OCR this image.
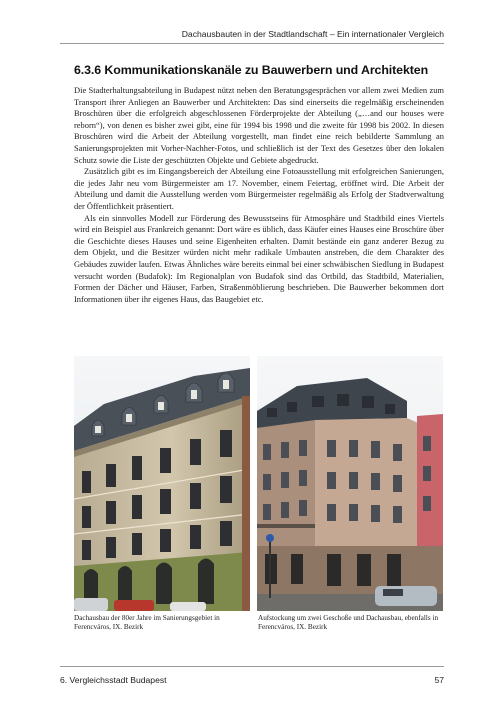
Dachausbauten in der Stadtlandschaft – Ein internationaler Vergleich
6.3.6 Kommunikationskanäle zu Bauwerbern und Architekten

Die Stadterhaltungsabteilung in Budapest nützt neben den Beratungsgesprächen vor allem zwei Medien zum Transport ihrer Anliegen an Bauwerber und Architekten: Das sind einerseits die regelmäßig erscheinenden Broschüren über die erfolgreich abgeschlossenen Förderprojekte der Abteilung („…and our houses were reborn“), von denen es bisher zwei gibt, eine für 1994 bis 1998 und die zweite für 1998 bis 2002. In diesen Broschüren wird die Arbeit der Abteilung vorgestellt, man findet eine reich bebilderte Sammlung an Sanierungsprojekten mit Vorher-Nachher-Fotos, und schließlich ist der Text des Gesetzes über den lokalen Schutz sowie die Liste der geschützten Objekte und Gebiete abgedruckt.

Zusätzlich gibt es im Eingangsbereich der Abteilung eine Fotoausstellung mit erfolgreichen Sanierungen, die jedes Jahr neu vom Bürgermeister am 17. November, einem Feiertag, eröffnet wird. Die Arbeit der Abteilung und damit die Ausstellung werden vom Bürgermeister regelmäßig als Erfolg der Stadtverwaltung der Öffentlichkeit präsentiert.

Als ein sinnvolles Modell zur Förderung des Bewusstseins für Atmosphäre und Stadtbild eines Viertels wird ein Beispiel aus Frankreich genannt: Dort wäre es üblich, dass Käufer eines Hauses eine Broschüre über die Geschichte dieses Hauses und seine Eigenheiten erhalten. Damit bestände ein ganz anderer Bezug zu dem Objekt, und die Besitzer würden nicht mehr radikale Umbauten anstreben, die dem Charakter des Gebäudes zuwider laufen. Etwas Ähnliches wäre bereits einmal bei einer schwäbischen Siedlung in Budapest versucht worden (Budafok): Im Regionalplan von Budafok sind das Ortbild, das Stadtbild, Materialien, Formen der Dächer und Häuser, Farben, Straßenmöblierung beschrieben. Die Bauwerber bekommen dort Informationen über ihr eigenes Haus, das Baugebiet etc.

Dachausbau der 80er Jahre im Sanierungsgebiet in Ferencváros, IX. Bezirk
Aufstockung um zwei Geschoße und Dachausbau, ebenfalls in Ferencváros, IX. Bezirk
6. Vergleichsstadt Budapest	57
